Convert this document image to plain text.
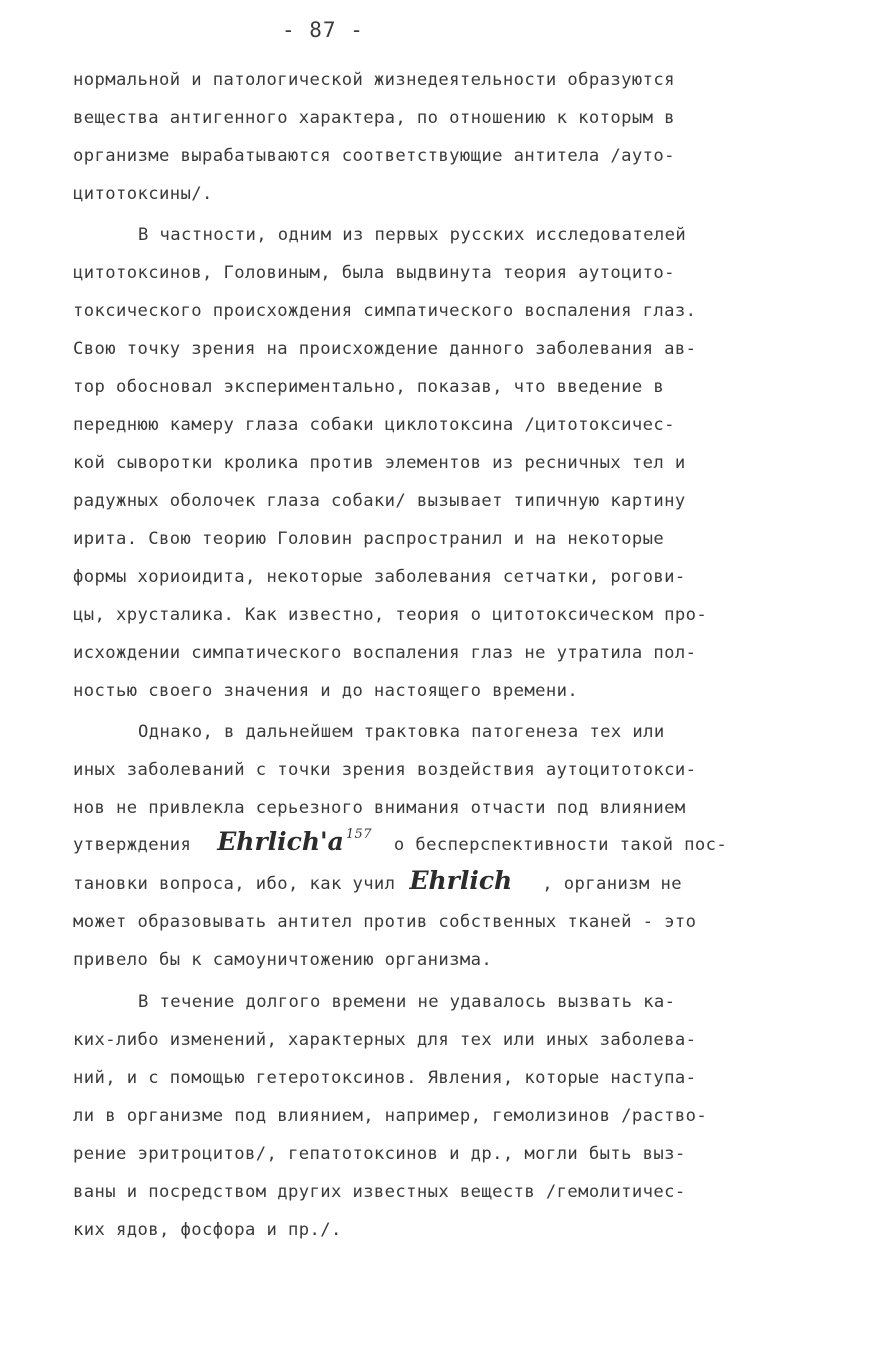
- 87 -
нормальной и патологической жизнедеятельности образуются
вещества антигенного характера, по отношению к которым в
организме вырабатываются соответствующие антитела /ауто-
цитотоксины/.
В частности, одним из первых русских исследователей
цитотоксинов, Головиным, была выдвинута теория аутоцито-
токсического происхождения симпатического воспаления глаз.
Свою точку зрения на происхождение данного заболевания ав-
тор обосновал экспериментально, показав, что введение в
переднюю камеру глаза собаки циклотоксина /цитотоксичес-
кой сыворотки кролика против элементов из ресничных тел и
радужных оболочек глаза собаки/ вызывает типичную картину
ирита. Свою теорию Головин распространил и на некоторые
формы хориоидита, некоторые заболевания сетчатки, рогови-
цы, хрусталика. Как известно, теория о цитотоксическом про-
исхождении симпатического воспаления глаз не утратила пол-
ностью своего значения и до настоящего времени.
Однако, в дальнейшем трактовка патогенеза тех или
иных заболеваний с точки зрения воздействия аутоцитотокси-
нов не привлекла серьезного внимания отчасти под влиянием
утверждения Ehrlich'a $^{157}$о бесперспективности такой пос-
тановки вопроса, ибо, как учил Ehrlich , организм не
может образовывать антител против собственных тканей - это
привело бы к самоуничтожению организма.
В течение долгого времени не удавалось вызвать ка-
ких-либо изменений, характерных для тех или иных заболева-
ний, и с помощью гетеротоксинов. Явления, которые наступа-
ли в организме под влиянием, например, гемолизинов /раство-
рение эритроцитов/, гепатотоксинов и др., могли быть выз-
ваны и посредством других известных веществ /гемолитичес-
ких ядов, фосфора и пр./.
